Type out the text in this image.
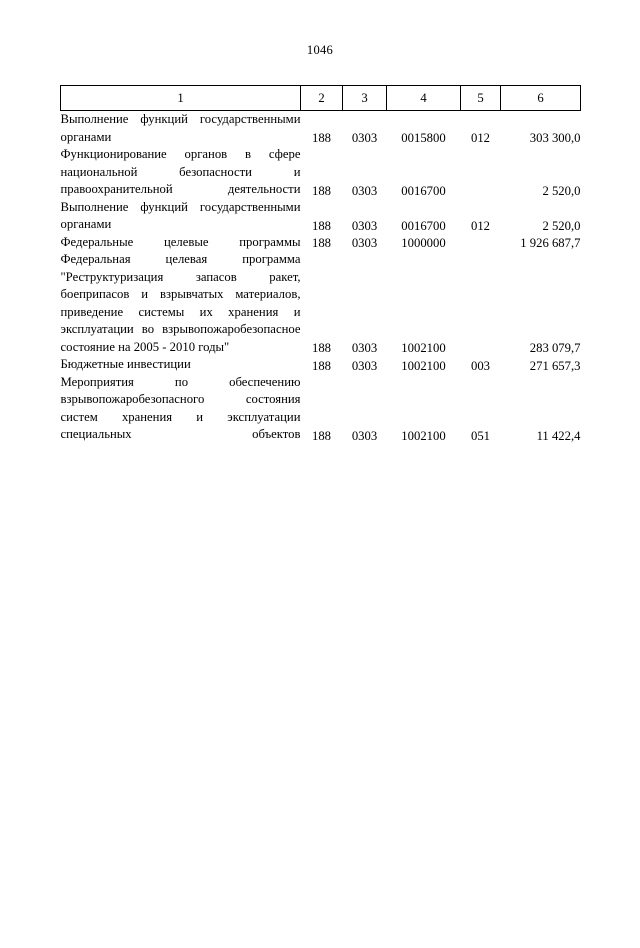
1046
1	2	3	4	5	6

Выполнение функций государственными органами	188	0303	0015800	012	303 300,0

Функционирование органов в сфере национальной безопасности и правоохранительной деятельности	188	0303	0016700		2 520,0

Выполнение функций государственными органами	188	0303	0016700	012	2 520,0

Федеральные целевые программы	188	0303	1000000		1 926 687,7

Федеральная целевая программа "Реструктуризация запасов ракет, боеприпасов и взрывчатых материалов, приведение системы их хранения и эксплуатации во взрывопожаробезопасное состояние на 2005 - 2010 годы"	188	0303	1002100		283 079,7

Бюджетные инвестиции	188	0303	1002100	003	271 657,3

Мероприятия по обеспечению взрывопожаробезопасного состояния систем хранения и эксплуатации специальных объектов	188	0303	1002100	051	11 422,4
